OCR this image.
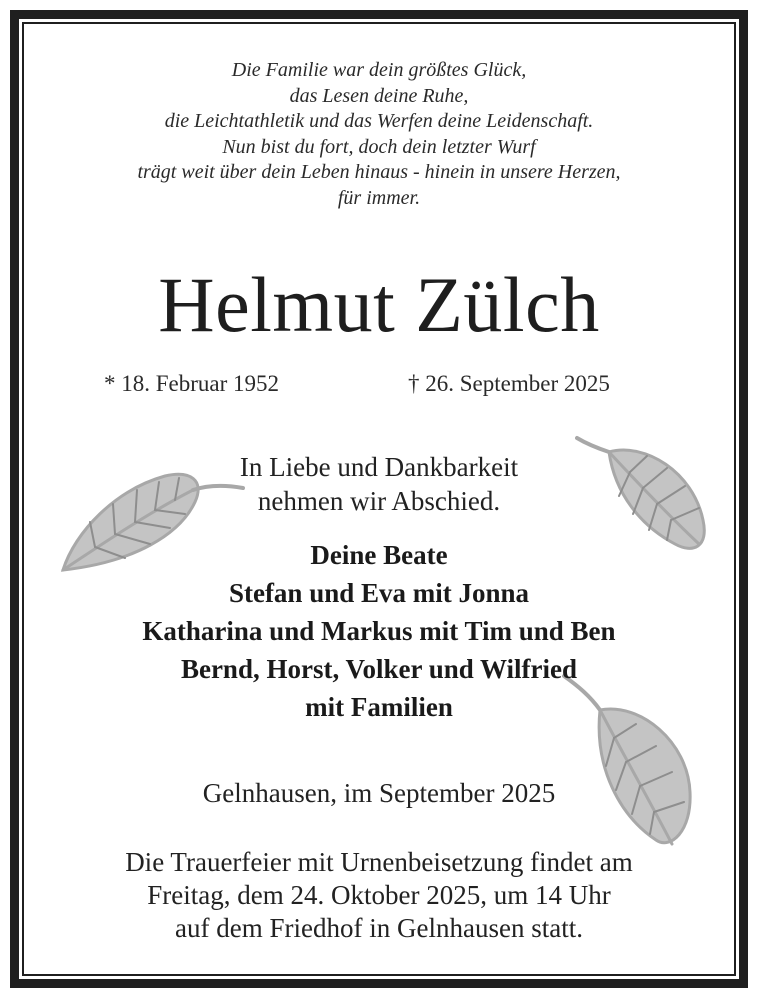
Die Familie war dein größtes Glück,
das Lesen deine Ruhe,
die Leichtathletik und das Werfen deine Leidenschaft.
Nun bist du fort, doch dein letzter Wurf
trägt weit über dein Leben hinaus - hinein in unsere Herzen,
für immer.
Helmut Zülch
* 18. Februar 1952	† 26. September 2025
In Liebe und Dankbarkeit
nehmen wir Abschied.
Deine Beate
Stefan und Eva mit Jonna
Katharina und Markus mit Tim und Ben
Bernd, Horst, Volker und Wilfried
mit Familien
Gelnhausen, im September 2025
Die Trauerfeier mit Urnenbeisetzung findet am
Freitag, dem 24. Oktober 2025, um 14 Uhr
auf dem Friedhof in Gelnhausen statt.
